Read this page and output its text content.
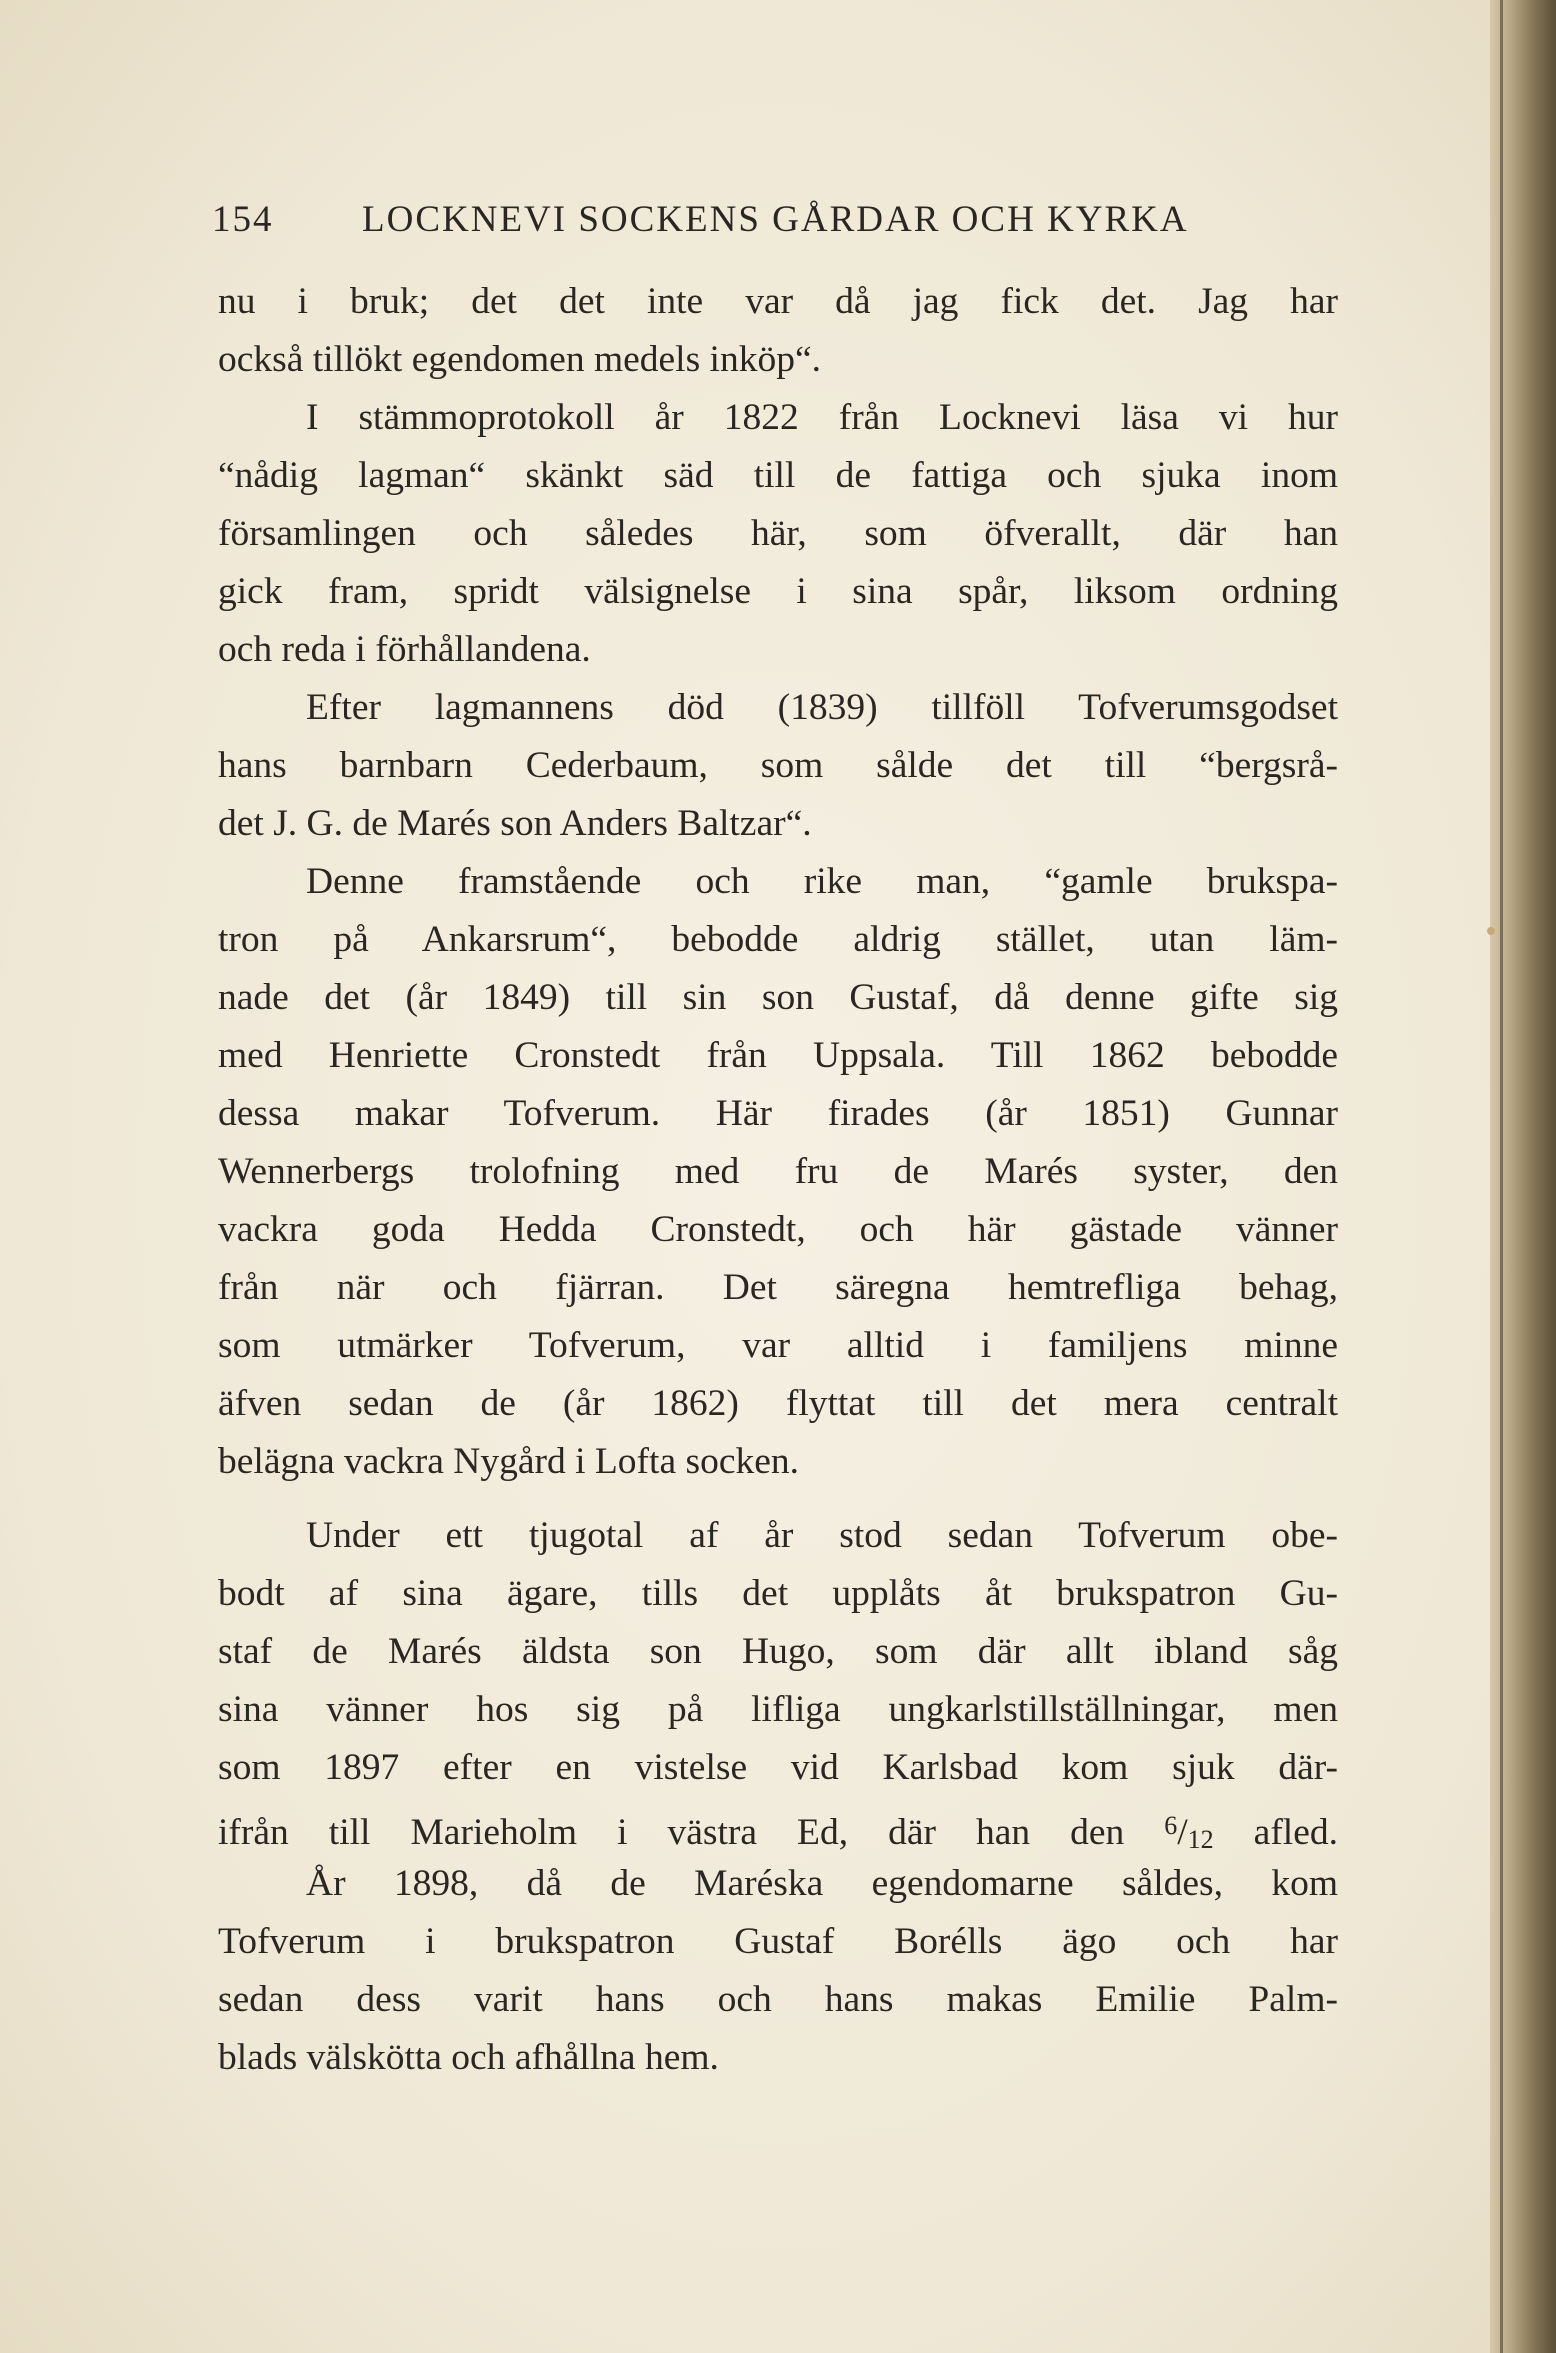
154 LOCKNEVI SOCKENS GÅRDAR OCH KYRKA
nu i bruk; det det inte var då jag fick det. Jag har
också tillökt egendomen medels inköp“.
I stämmoprotokoll år 1822 från Locknevi läsa vi hur
“nådig lagman“ skänkt säd till de fattiga och sjuka inom
församlingen och således här, som öfverallt, där han
gick fram, spridt välsignelse i sina spår, liksom ordning
och reda i förhållandena.
Efter lagmannens död (1839) tillföll Tofverumsgodset
hans barnbarn Cederbaum, som sålde det till “bergsrå-
det J. G. de Marés son Anders Baltzar“.
Denne framstående och rike man, “gamle brukspa-
tron på Ankarsrum“, bebodde aldrig stället, utan läm-
nade det (år 1849) till sin son Gustaf, då denne gifte sig
med Henriette Cronstedt från Uppsala. Till 1862 bebodde
dessa makar Tofverum. Här firades (år 1851) Gunnar
Wennerbergs trolofning med fru de Marés syster, den
vackra goda Hedda Cronstedt, och här gästade vänner
från när och fjärran. Det säregna hemtrefliga behag,
som utmärker Tofverum, var alltid i familjens minne
äfven sedan de (år 1862) flyttat till det mera centralt
belägna vackra Nygård i Lofta socken.
Under ett tjugotal af år stod sedan Tofverum obe-
bodt af sina ägare, tills det upplåts åt brukspatron Gu-
staf de Marés äldsta son Hugo, som där allt ibland såg
sina vänner hos sig på lifliga ungkarlstillställningar, men
som 1897 efter en vistelse vid Karlsbad kom sjuk där-
ifrån till Marieholm i västra Ed, där han den $^6$/12 afled.
År 1898, då de Maréska egendomarne såldes, kom
Tofverum i brukspatron Gustaf Borélls ägo och har
sedan dess varit hans och hans makas Emilie Palm-
blads välskötta och afhållna hem.
